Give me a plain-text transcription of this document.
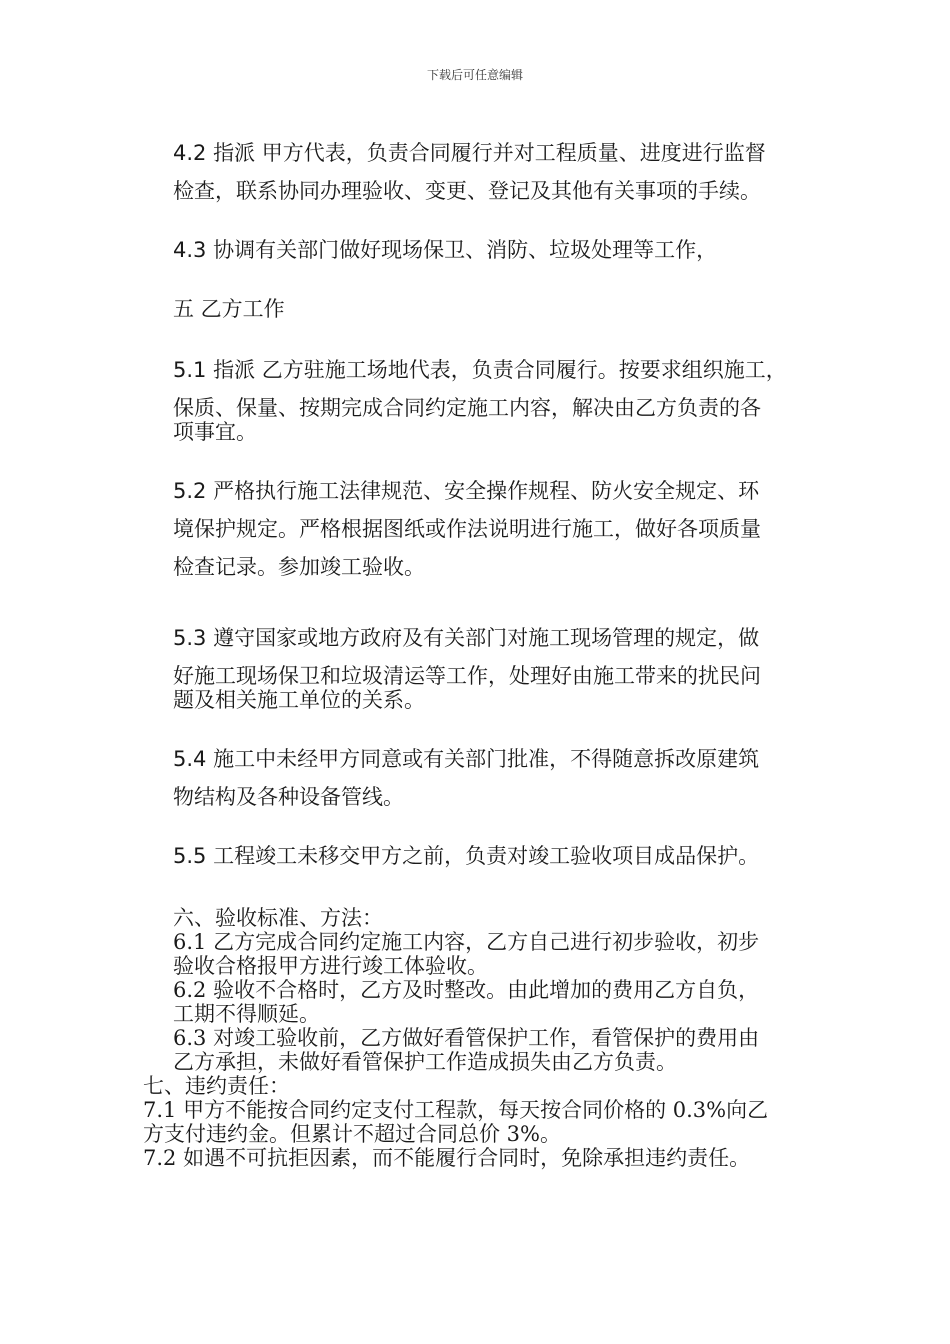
下载后可任意编辑
4.2 指派 甲方代表，负责合同履行并对工程质量、进度进行监督
检查，联系协同办理验收、变更、登记及其他有关事项的手续。
4.3 协调有关部门做好现场保卫、消防、垃圾处理等工作，
五 乙方工作
5.1 指派 乙方驻施工场地代表，负责合同履行。按要求组织施工，
保质、保量、按期完成合同约定施工内容，解决由乙方负责的各
项事宜。
5.2 严格执行施工法律规范、安全操作规程、防火安全规定、环
境保护规定。严格根据图纸或作法说明进行施工，做好各项质量
检查记录。参加竣工验收。
5.3 遵守国家或地方政府及有关部门对施工现场管理的规定，做
好施工现场保卫和垃圾清运等工作，处理好由施工带来的扰民问
题及相关施工单位的关系。
5.4 施工中未经甲方同意或有关部门批准，不得随意拆改原建筑
物结构及各种设备管线。
5.5 工程竣工未移交甲方之前，负责对竣工验收项目成品保护。
六、验收标准、方法：
6.1 乙方完成合同约定施工内容，乙方自己进行初步验收，初步
验收合格报甲方进行竣工体验收。
6.2 验收不合格时，乙方及时整改。由此增加的费用乙方自负，
工期不得顺延。
6.3 对竣工验收前，乙方做好看管保护工作，看管保护的费用由
乙方承担，未做好看管保护工作造成损失由乙方负责。
七、违约责任：
7.1 甲方不能按合同约定支付工程款，每天按合同价格的 0.3%向乙
方支付违约金。但累计不超过合同总价 3%。
7.2 如遇不可抗拒因素，而不能履行合同时，免除承担违约责任。
